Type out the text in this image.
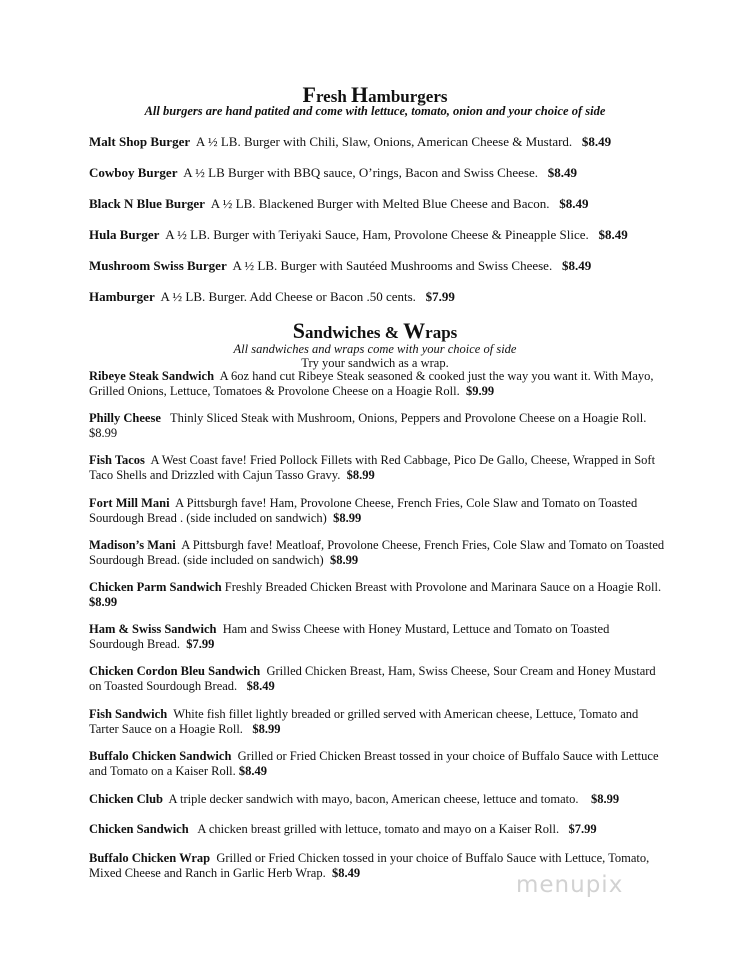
Fresh Hamburgers
All burgers are hand patited and come with lettuce, tomato, onion and your choice of side
Malt Shop Burger A ½ LB. Burger with Chili, Slaw, Onions, American Cheese & Mustard. $8.49
Cowboy Burger A ½ LB Burger with BBQ sauce, O’rings, Bacon and Swiss Cheese. $8.49
Black N Blue Burger A ½ LB. Blackened Burger with Melted Blue Cheese and Bacon. $8.49
Hula Burger A ½ LB. Burger with Teriyaki Sauce, Ham, Provolone Cheese & Pineapple Slice. $8.49
Mushroom Swiss Burger A ½ LB. Burger with Sautéed Mushrooms and Swiss Cheese. $8.49
Hamburger A ½ LB. Burger. Add Cheese or Bacon .50 cents. $7.99
Sandwiches & Wraps
All sandwiches and wraps come with your choice of side
Try your sandwich as a wrap.
Ribeye Steak Sandwich A 6oz hand cut Ribeye Steak seasoned & cooked just the way you want it. With Mayo, Grilled Onions, Lettuce, Tomatoes & Provolone Cheese on a Hoagie Roll. $9.99
Philly Cheese Thinly Sliced Steak with Mushroom, Onions, Peppers and Provolone Cheese on a Hoagie Roll. $8.99
Fish Tacos A West Coast fave! Fried Pollock Fillets with Red Cabbage, Pico De Gallo, Cheese, Wrapped in Soft Taco Shells and Drizzled with Cajun Tasso Gravy. $8.99
Fort Mill Mani A Pittsburgh fave! Ham, Provolone Cheese, French Fries, Cole Slaw and Tomato on Toasted Sourdough Bread . (side included on sandwich) $8.99
Madison’s Mani A Pittsburgh fave! Meatloaf, Provolone Cheese, French Fries, Cole Slaw and Tomato on Toasted Sourdough Bread. (side included on sandwich) $8.99
Chicken Parm Sandwich Freshly Breaded Chicken Breast with Provolone and Marinara Sauce on a Hoagie Roll. $8.99
Ham & Swiss Sandwich Ham and Swiss Cheese with Honey Mustard, Lettuce and Tomato on Toasted Sourdough Bread. $7.99
Chicken Cordon Bleu Sandwich Grilled Chicken Breast, Ham, Swiss Cheese, Sour Cream and Honey Mustard on Toasted Sourdough Bread. $8.49
Fish Sandwich White fish fillet lightly breaded or grilled served with American cheese, Lettuce, Tomato and Tarter Sauce on a Hoagie Roll. $8.99
Buffalo Chicken Sandwich Grilled or Fried Chicken Breast tossed in your choice of Buffalo Sauce with Lettuce and Tomato on a Kaiser Roll. $8.49
Chicken Club A triple decker sandwich with mayo, bacon, American cheese, lettuce and tomato. $8.99
Chicken Sandwich A chicken breast grilled with lettuce, tomato and mayo on a Kaiser Roll. $7.99
Buffalo Chicken Wrap Grilled or Fried Chicken tossed in your choice of Buffalo Sauce with Lettuce, Tomato, Mixed Cheese and Ranch in Garlic Herb Wrap. $8.49	menupix
